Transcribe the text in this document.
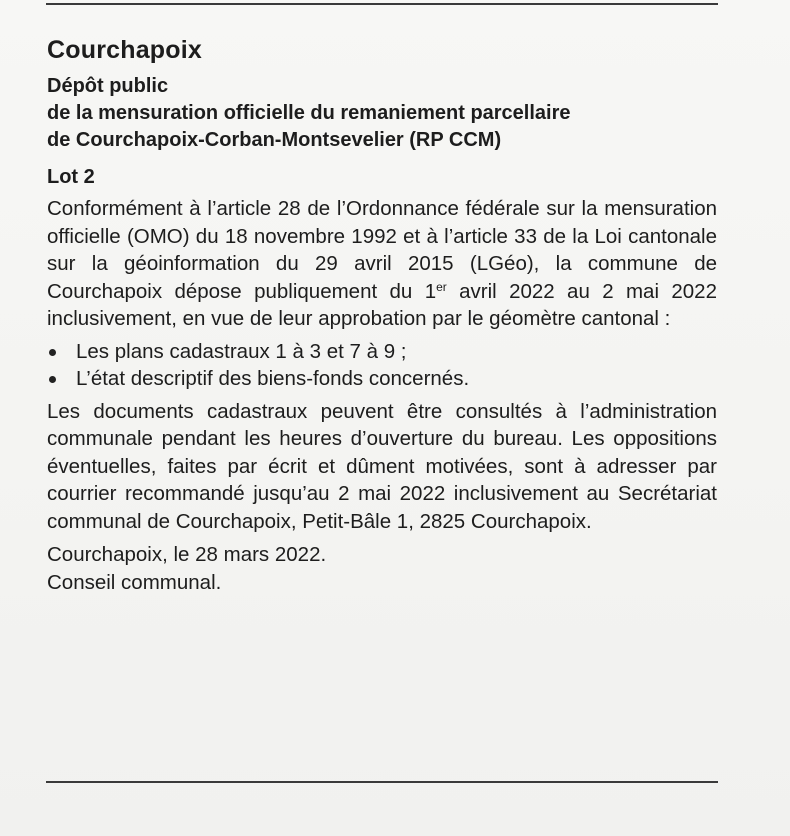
Courchapoix
Dépôt public
de la mensuration officielle du remaniement parcellaire
de Courchapoix-Corban-Montsevelier (RP CCM)
Lot 2

Conformément à l’article 28 de l’Ordonnance fédérale sur la mensuration officielle (OMO) du 18 novembre 1992 et à l’article 33 de la Loi cantonale sur la géoinformation du 29 avril 2015 (LGéo), la commune de Courchapoix dépose publiquement du 1er avril 2022 au 2 mai 2022 inclusivement, en vue de leur approbation par le géomètre cantonal :

Les plans cadastraux 1 à 3 et 7 à 9 ;
L’état descriptif des biens-fonds concernés.

Les documents cadastraux peuvent être consultés à l’administration communale pendant les heures d’ouverture du bureau. Les oppositions éventuelles, faites par écrit et dûment motivées, sont à adresser par courrier recommandé jusqu’au 2 mai 2022 inclusivement au Secrétariat communal de Courchapoix, Petit-Bâle 1, 2825 Courchapoix.

Courchapoix, le 28 mars 2022.

Conseil communal.
